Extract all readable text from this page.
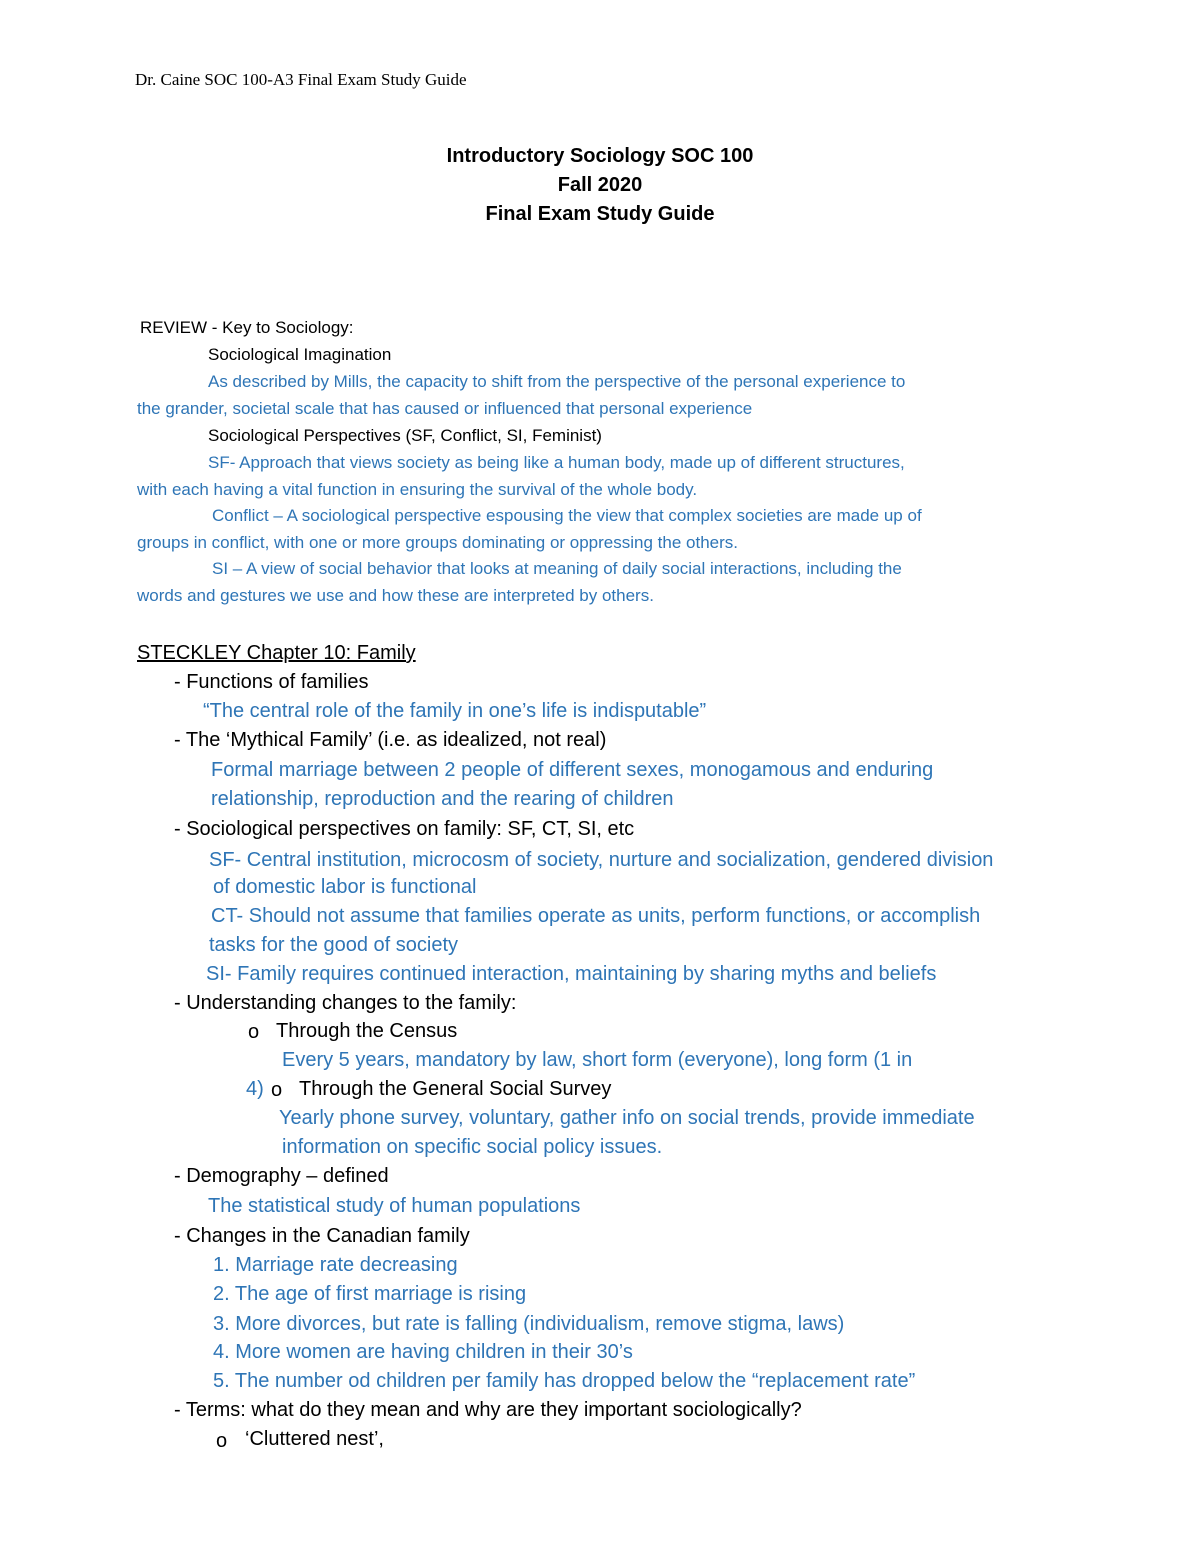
Dr. Caine SOC 100-A3 Final Exam Study Guide
Introductory Sociology SOC 100
Fall 2020
Final Exam Study Guide
REVIEW - Key to Sociology:
Sociological Imagination
As described by Mills, the capacity to shift from the perspective of the personal experience to
the grander, societal scale that has caused or influenced that personal experience
Sociological Perspectives (SF, Conflict, SI, Feminist)
SF- Approach that views society as being like a human body, made up of different structures,
with each having a vital function in ensuring the survival of the whole body.
Conflict – A sociological perspective espousing the view that complex societies are made up of
groups in conflict, with one or more groups dominating or oppressing the others.
SI – A view of social behavior that looks at meaning of daily social interactions, including the
words and gestures we use and how these are interpreted by others.
STECKLEY Chapter 10: Family
- Functions of families
“The central role of the family in one’s life is indisputable”
- The ‘Mythical Family’ (i.e. as idealized, not real)
Formal marriage between 2 people of different sexes, monogamous and enduring
relationship, reproduction and the rearing of children
- Sociological perspectives on family: SF, CT, SI, etc
SF- Central institution, microcosm of society, nurture and socialization, gendered division
of domestic labor is functional
CT- Should not assume that families operate as units, perform functions, or accomplish
tasks for the good of society
SI- Family requires continued interaction, maintaining by sharing myths and beliefs
- Understanding changes to the family:
o Through the Census
Every 5 years, mandatory by law, short form (everyone), long form (1 in
4) o Through the General Social Survey
Yearly phone survey, voluntary, gather info on social trends, provide immediate
information on specific social policy issues.
- Demography – defined
The statistical study of human populations
- Changes in the Canadian family
1. Marriage rate decreasing
2. The age of first marriage is rising
3. More divorces, but rate is falling (individualism, remove stigma, laws)
4. More women are having children in their 30’s
5. The number od children per family has dropped below the “replacement rate”
- Terms: what do they mean and why are they important sociologically?
o ‘Cluttered nest’,
